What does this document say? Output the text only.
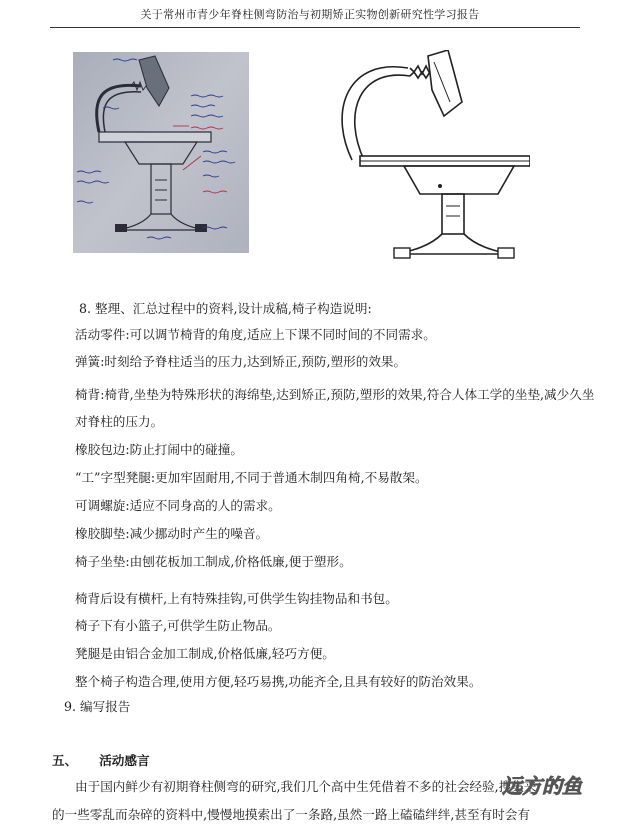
关于常州市青少年脊柱侧弯防治与初期矫正实物创新研究性学习报告
8. 整理、汇总过程中的资料,设计成稿,椅子构造说明:
活动零件:可以调节椅背的角度,适应上下课不同时间的不同需求。
弹簧:时刻给予脊柱适当的压力,达到矫正,预防,塑形的效果。
椅背:椅背,坐垫为特殊形状的海绵垫,达到矫正,预防,塑形的效果,符合人体工学的坐垫,减少久坐对脊柱的压力。
橡胶包边:防止打闹中的碰撞。
“工”字型凳腿:更加牢固耐用,不同于普通木制四角椅,不易散架。
可调螺旋:适应不同身高的人的需求。
橡胶脚垫:减少挪动时产生的噪音。
椅子坐垫:由刨花板加工制成,价格低廉,便于塑形。
椅背后设有横杆,上有特殊挂钩,可供学生钩挂物品和书包。
椅子下有小篮子,可供学生防止物品。
凳腿是由铝合金加工制成,价格低廉,轻巧方便。
整个椅子构造合理,使用方便,轻巧易携,功能齐全,且具有较好的防治效果。
9. 编写报告
五、 活动感言
由于国内鲜少有初期脊柱侧弯的研究,我们几个高中生凭借着不多的社会经验,搜集来
的一些零乱而杂碎的资料中,慢慢地摸索出了一条路,虽然一路上磕磕绊绊,甚至有时会有
远方的鱼
